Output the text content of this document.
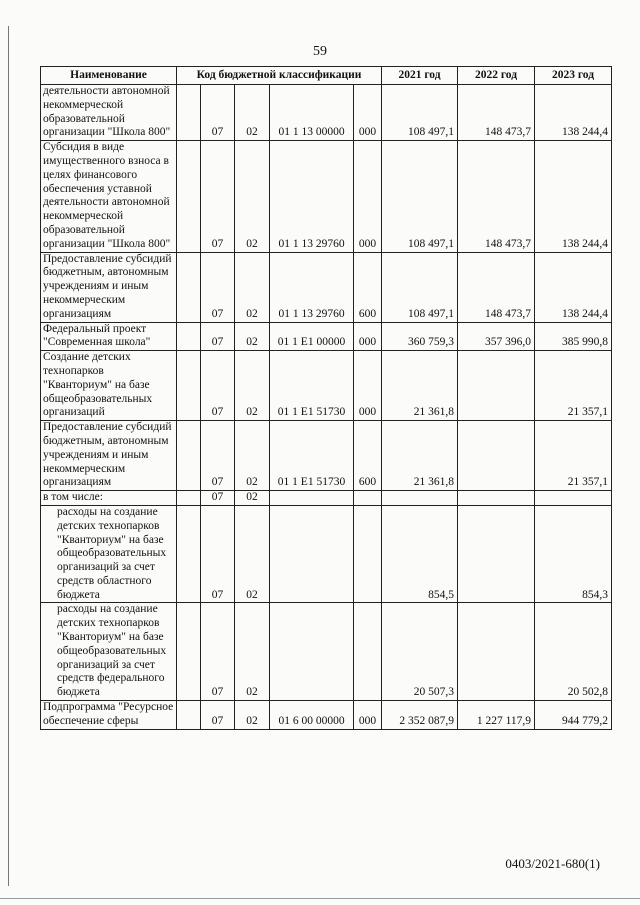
59
Наименование	Код бюджетной классификации					2021 год	2022 год	2023 год
деятельности автономной некоммерческой образовательной организации "Школа 800"		07	02	01 1 13 00000	000	108 497,1	148 473,7	138 244,4
Субсидия в виде имущественного взноса в целях финансового обеспечения уставной деятельности автономной некоммерческой образовательной организации "Школа 800"		07	02	01 1 13 29760	000	108 497,1	148 473,7	138 244,4
Предоставление субсидий бюджетным, автономным учреждениям и иным некоммерческим организациям		07	02	01 1 13 29760	600	108 497,1	148 473,7	138 244,4
Федеральный проект "Современная школа"		07	02	01 1 E1 00000	000	360 759,3	357 396,0	385 990,8
Создание детских технопарков "Кванториум" на базе общеобразовательных организаций		07	02	01 1 E1 51730	000	21 361,8		21 357,1
Предоставление субсидий бюджетным, автономным учреждениям и иным некоммерческим организациям		07	02	01 1 E1 51730	600	21 361,8		21 357,1
в том числе:		07	02					
расходы на создание детских технопарков "Кванториум" на базе общеобразовательных организаций за счет средств областного бюджета		07	02			854,5		854,3
расходы на создание детских технопарков "Кванториум" на базе общеобразовательных организаций за счет средств федерального бюджета		07	02			20 507,3		20 502,8
Подпрограмма "Ресурсное обеспечение сферы		07	02	01 6 00 00000	000	2 352 087,9	1 227 117,9	944 779,2
0403/2021-680(1)
